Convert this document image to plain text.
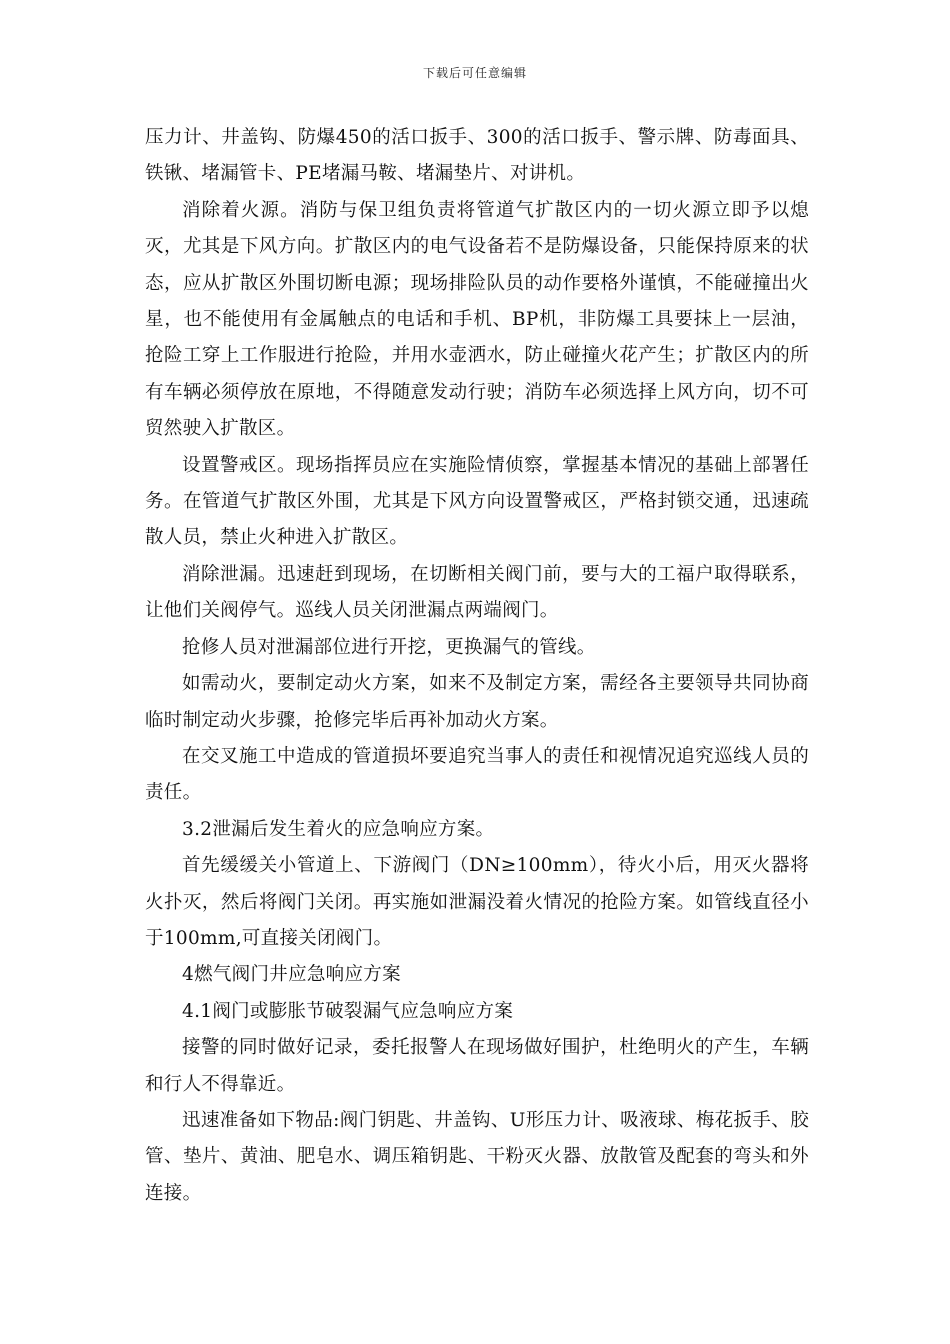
下载后可任意编辑

压力计、井盖钩、防爆450的活口扳手、300的活口扳手、警示牌、防毒面具、铁锹、堵漏管卡、PE堵漏马鞍、堵漏垫片、对讲机。

消除着火源。消防与保卫组负责将管道气扩散区内的一切火源立即予以熄灭，尤其是下风方向。扩散区内的电气设备若不是防爆设备，只能保持原来的状态，应从扩散区外围切断电源；现场排险队员的动作要格外谨慎，不能碰撞出火星，也不能使用有金属触点的电话和手机、BP机，非防爆工具要抹上一层油，抢险工穿上工作服进行抢险，并用水壶洒水，防止碰撞火花产生；扩散区内的所有车辆必须停放在原地，不得随意发动行驶；消防车必须选择上风方向，切不可贸然驶入扩散区。

设置警戒区。现场指挥员应在实施险情侦察，掌握基本情况的基础上部署任务。在管道气扩散区外围，尤其是下风方向设置警戒区，严格封锁交通，迅速疏散人员，禁止火种进入扩散区。

消除泄漏。迅速赶到现场，在切断相关阀门前，要与大的工福户取得联系，让他们关阀停气。巡线人员关闭泄漏点两端阀门。

抢修人员对泄漏部位进行开挖，更换漏气的管线。

如需动火，要制定动火方案，如来不及制定方案，需经各主要领导共同协商临时制定动火步骤，抢修完毕后再补加动火方案。

在交叉施工中造成的管道损坏要追究当事人的责任和视情况追究巡线人员的责任。

3.2泄漏后发生着火的应急响应方案。

首先缓缓关小管道上、下游阀门（DN≥100mm），待火小后，用灭火器将火扑灭，然后将阀门关闭。再实施如泄漏没着火情况的抢险方案。如管线直径小于100mm,可直接关闭阀门。

4燃气阀门井应急响应方案

4.1阀门或膨胀节破裂漏气应急响应方案

接警的同时做好记录，委托报警人在现场做好围护，杜绝明火的产生，车辆和行人不得靠近。

迅速准备如下物品:阀门钥匙、井盖钩、U形压力计、吸液球、梅花扳手、胶管、垫片、黄油、肥皂水、调压箱钥匙、干粉灭火器、放散管及配套的弯头和外连接。
